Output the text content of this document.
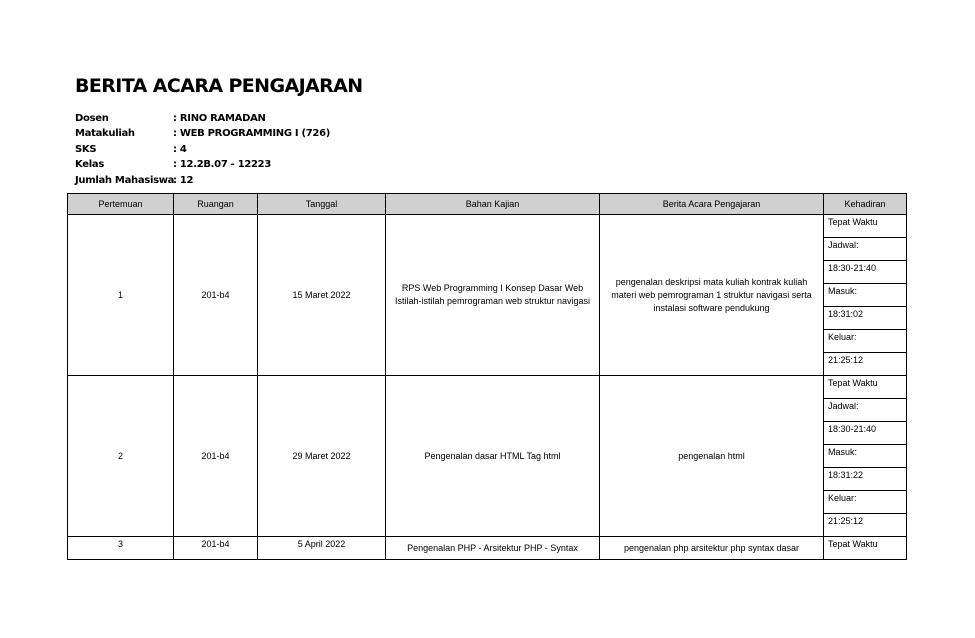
BERITA ACARA PENGAJARAN
Dosen	: RINO RAMADAN
Matakuliah	: WEB PROGRAMMING I (726)
SKS	: 4
Kelas	: 12.2B.07 - 12223
Jumlah Mahasiswa: 12
Pertemuan	Ruangan	Tanggal	Bahan Kajian	Berita Acara Pengajaran	Kehadiran
1	201-b4	15 Maret 2022	RPS Web Programming I Konsep Dasar Web Istilah-istilah pemrograman web struktur navigasi	pengenalan deskripsi mata kuliah kontrak kuliah materi web pemrograman 1 struktur navigasi serta instalasi software pendukung	Tepat Waktu
					Jadwal:
					18:30-21:40
					Masuk:
					18:31:02
					Keluar:
					21:25:12
2	201-b4	29 Maret 2022	Pengenalan dasar HTML Tag html	pengenalan html	Tepat Waktu
					Jadwal:
					18:30-21:40
					Masuk:
					18:31:22
					Keluar:
					21:25:12
3	201-b4	5 April 2022	Pengenalan PHP - Arsitektur PHP - Syntax	pengenalan php arsitektur php syntax dasar	Tepat Waktu
